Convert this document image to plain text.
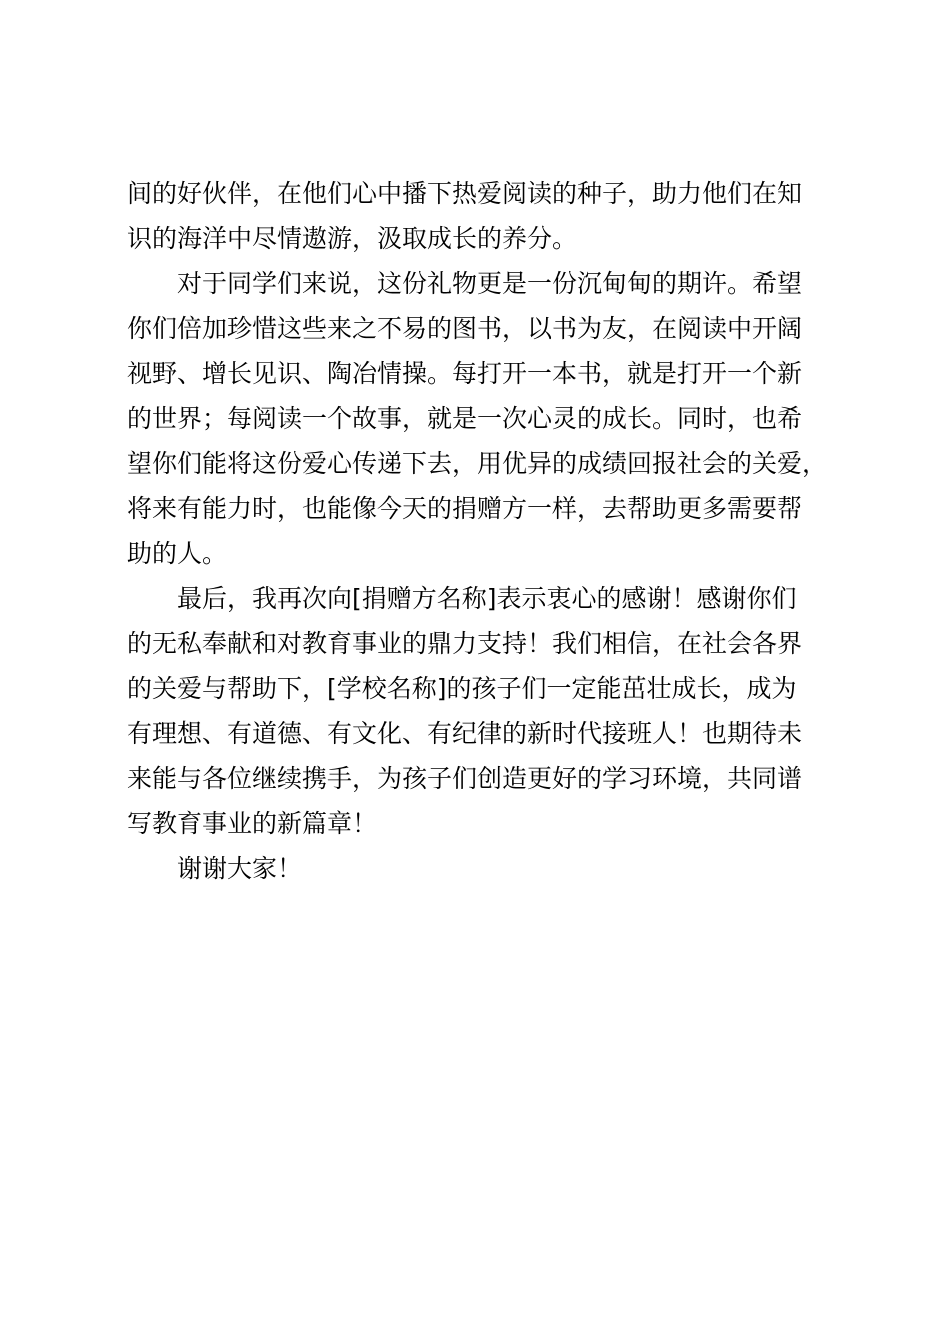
间的好伙伴，在他们心中播下热爱阅读的种子，助力他们在知
识的海洋中尽情遨游，汲取成长的养分。
对于同学们来说，这份礼物更是一份沉甸甸的期许。希望
你们倍加珍惜这些来之不易的图书，以书为友，在阅读中开阔
视野、增长见识、陶冶情操。每打开一本书，就是打开一个新
的世界；每阅读一个故事，就是一次心灵的成长。同时，也希
望你们能将这份爱心传递下去，用优异的成绩回报社会的关爱，
将来有能力时，也能像今天的捐赠方一样，去帮助更多需要帮
助的人。
最后，我再次向[捐赠方名称]表示衷心的感谢！感谢你们
的无私奉献和对教育事业的鼎力支持！我们相信，在社会各界
的关爱与帮助下，[学校名称]的孩子们一定能茁壮成长，成为
有理想、有道德、有文化、有纪律的新时代接班人！也期待未
来能与各位继续携手，为孩子们创造更好的学习环境，共同谱
写教育事业的新篇章！
谢谢大家！
